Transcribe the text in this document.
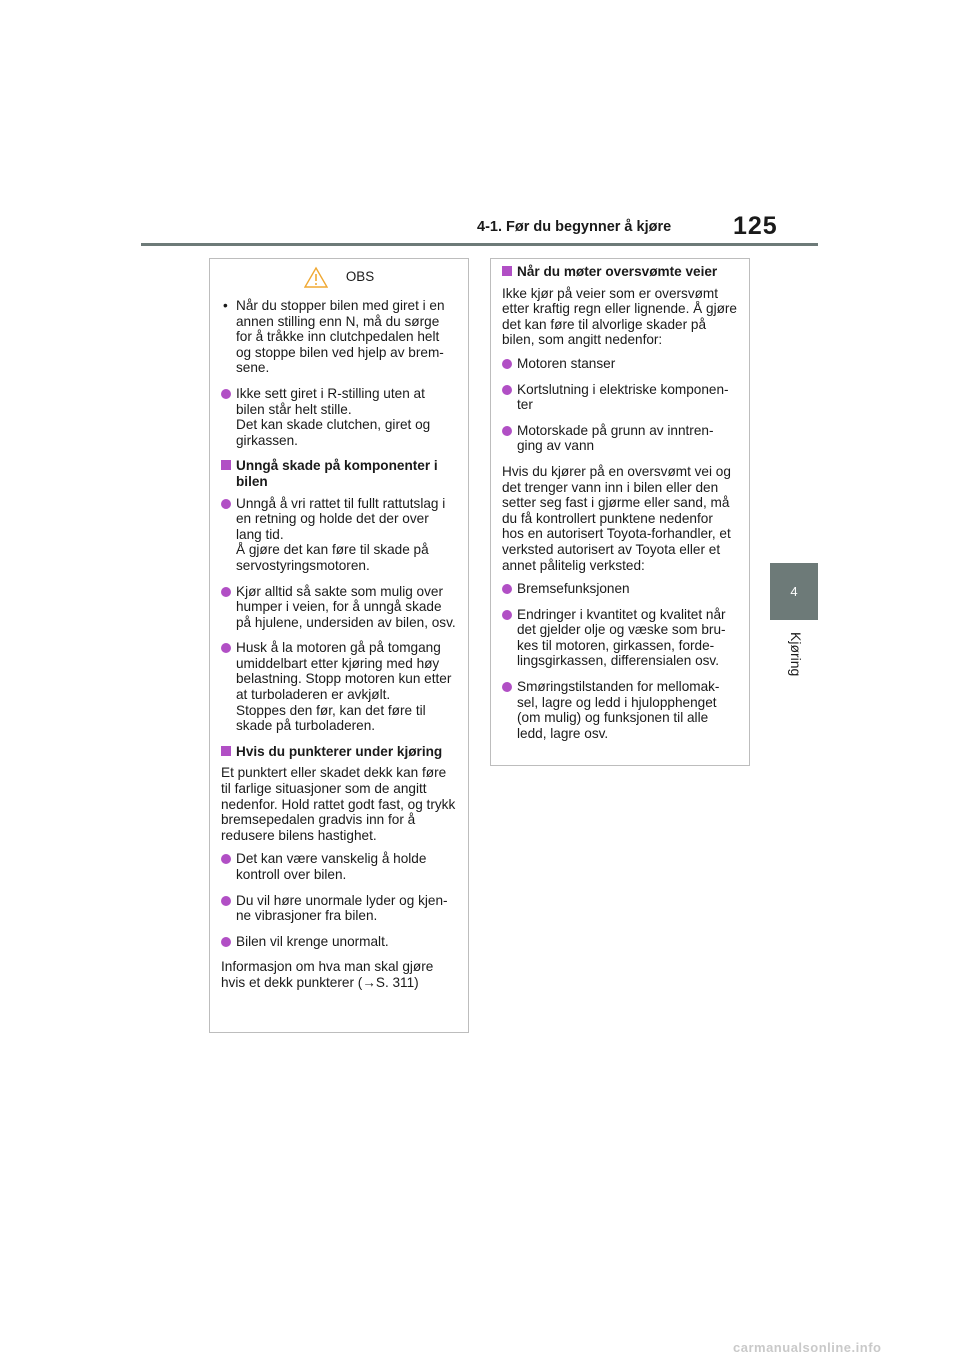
4-1. Før du begynner å kjøre 125
4
Kjøring
OBS
• Når du stopper bilen med giret i en annen stilling enn N, må du sørge for å tråkke inn clutchpedalen helt og stoppe bilen ved hjelp av brem-
sene.
Ikke sett giret i R-stilling uten at bilen står helt stille.
Det kan skade clutchen, giret og girkassen.
Unngå skade på komponenter i bilen
Unngå å vri rattet til fullt rattutslag i en retning og holde det der over lang tid.
Å gjøre det kan føre til skade på servostyringsmotoren.
Kjør alltid så sakte som mulig over humper i veien, for å unngå skade på hjulene, undersiden av bilen, osv.
Husk å la motoren gå på tomgang umiddelbart etter kjøring med høy belastning. Stopp motoren kun etter at turboladeren er avkjølt.
Stoppes den før, kan det føre til skade på turboladeren.
Hvis du punkterer under kjøring

Et punktert eller skadet dekk kan føre til farlige situasjoner som de angitt nedenfor. Hold rattet godt fast, og trykk bremsepedalen gradvis inn for å redusere bilens hastighet.

Det kan være vanskelig å holde kontroll over bilen.
Du vil høre unormale lyder og kjen-
ne vibrasjoner fra bilen.
Bilen vil krenge unormalt.

Informasjon om hva man skal gjøre hvis et dekk punkterer (→S. 311)

Når du møter oversvømte veier

Ikke kjør på veier som er oversvømt etter kraftig regn eller lignende. Å gjøre det kan føre til alvorlige skader på bilen, som angitt nedenfor:

Motoren stanser
Kortslutning i elektriske komponen-
ter
Motorskade på grunn av inntren-
ging av vann

Hvis du kjører på en oversvømt vei og det trenger vann inn i bilen eller den setter seg fast i gjørme eller sand, må du få kontrollert punktene nedenfor hos en autorisert Toyota-forhandler, et verksted autorisert av Toyota eller et annet pålitelig verksted:

Bremsefunksjonen
Endringer i kvantitet og kvalitet når det gjelder olje og væske som bru-
kes til motoren, girkassen, forde-
lingsgirkassen, differensialen osv.
Smøringstilstanden for mellomak-
sel, lagre og ledd i hjulopphenget (om mulig) og funksjonen til alle ledd, lagre osv.
carmanualsonline.info
